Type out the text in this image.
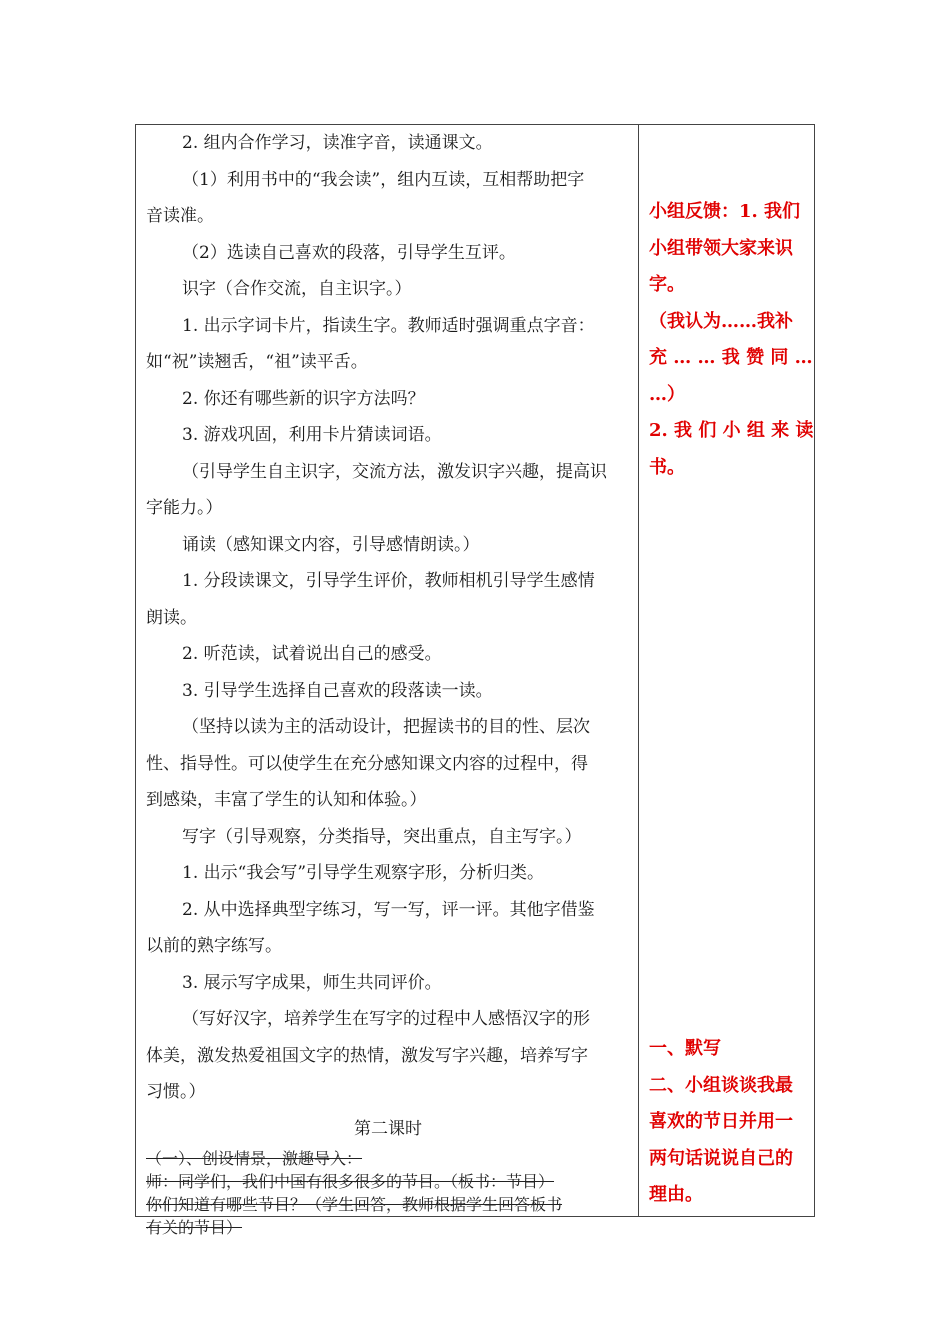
2. 组内合作学习，读准字音，读通课文。
（1）利用书中的“我会读”，组内互读，互相帮助把字
音读准。
（2）选读自己喜欢的段落，引导学生互评。
识字（合作交流，自主识字。）
1. 出示字词卡片，指读生字。教师适时强调重点字音：
如“祝”读翘舌，“祖”读平舌。
2. 你还有哪些新的识字方法吗？
3. 游戏巩固，利用卡片猜读词语。
（引导学生自主识字，交流方法，激发识字兴趣，提高识
字能力。）
诵读（感知课文内容，引导感情朗读。）
1. 分段读课文，引导学生评价，教师相机引导学生感情
朗读。
2. 听范读，试着说出自己的感受。
3. 引导学生选择自己喜欢的段落读一读。
（坚持以读为主的活动设计，把握读书的目的性、层次
性、指导性。可以使学生在充分感知课文内容的过程中，得
到感染，丰富了学生的认知和体验。）
写字（引导观察，分类指导，突出重点，自主写字。）
1. 出示“我会写”引导学生观察字形，分析归类。
2. 从中选择典型字练习，写一写，评一评。其他字借鉴
以前的熟字练写。
3. 展示写字成果，师生共同评价。
（写好汉字，培养学生在写字的过程中人感悟汉字的形
体美，激发热爱祖国文字的热情，激发写字兴趣，培养写字
习惯。）
第二课时
（一）、创设情景，激趣导入：
师：同学们，我们中国有很多很多的节目。（板书：节目）
你们知道有哪些节目？（学生回答，教师根据学生回答板书
有关的节目）
小组反馈：1. 我们
小组带领大家来识
字。
（我认为……我补
充 … … 我 赞 同 …
…）
2. 我 们 小 组 来 读
书。
一、默写
二、小组谈谈我最
喜欢的节日并用一
两句话说说自己的
理由。
